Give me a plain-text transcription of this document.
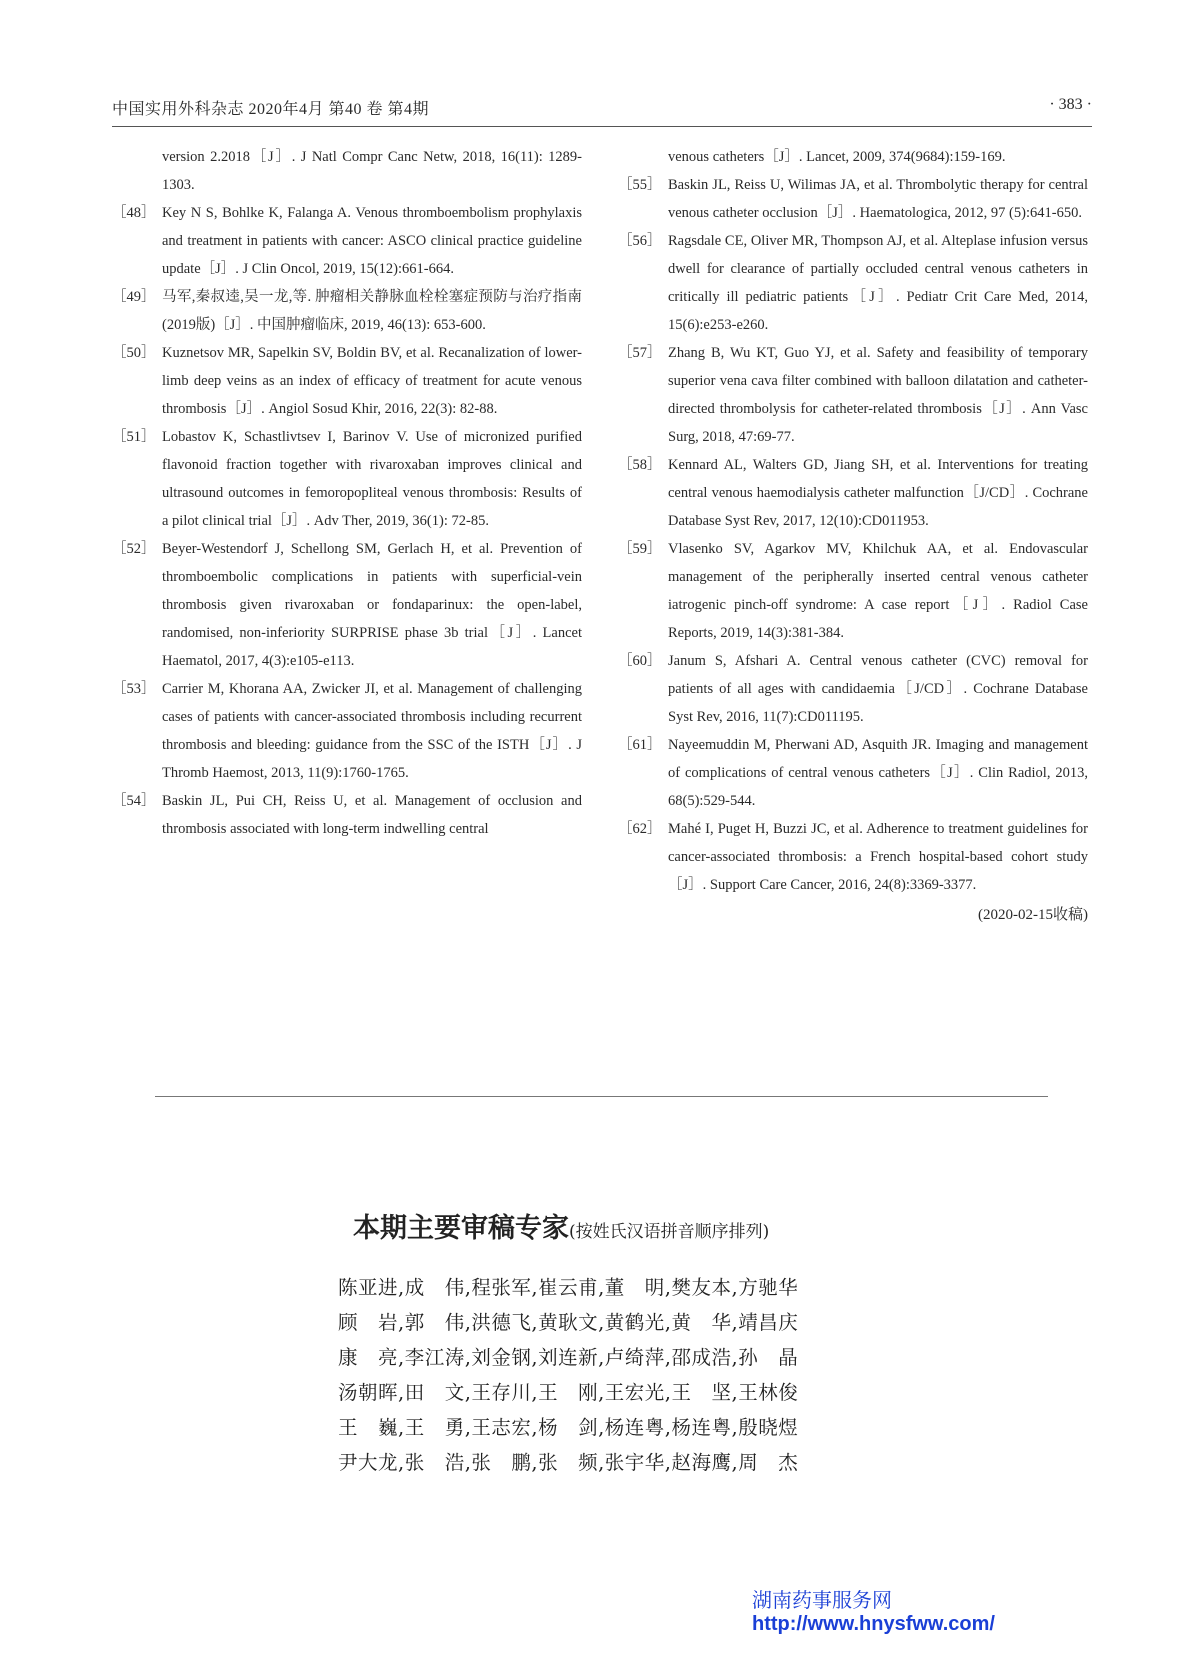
中国实用外科杂志 2020年4月 第40 卷 第4期	· 383 ·
version 2.2018［J］. J Natl Compr Canc Netw, 2018, 16(11): 1289-1303.
［48］ Key N S, Bohlke K, Falanga A. Venous thromboembolism prophylaxis and treatment in patients with cancer: ASCO clinical practice guideline update［J］. J Clin Oncol, 2019, 15(12):661-664.
［49］ 马军,秦叔逵,吴一龙,等. 肿瘤相关静脉血栓栓塞症预防与治疗指南(2019版)［J］. 中国肿瘤临床, 2019, 46(13): 653-600.
［50］ Kuznetsov MR, Sapelkin SV, Boldin BV, et al. Recanalization of lower-limb deep veins as an index of efficacy of treatment for acute venous thrombosis［J］. Angiol Sosud Khir, 2016, 22(3): 82-88.
［51］ Lobastov K, Schastlivtsev I, Barinov V. Use of micronized purified flavonoid fraction together with rivaroxaban improves clinical and ultrasound outcomes in femoropopliteal venous thrombosis: Results of a pilot clinical trial［J］. Adv Ther, 2019, 36(1): 72-85.
［52］ Beyer-Westendorf J, Schellong SM, Gerlach H, et al. Prevention of thromboembolic complications in patients with superficial-vein thrombosis given rivaroxaban or fondaparinux: the open-label, randomised, non-inferiority SURPRISE phase 3b trial［J］. Lancet Haematol, 2017, 4(3):e105-e113.
［53］ Carrier M, Khorana AA, Zwicker JI, et al. Management of challenging cases of patients with cancer-associated thrombosis including recurrent thrombosis and bleeding: guidance from the SSC of the ISTH［J］. J Thromb Haemost, 2013, 11(9):1760-1765.
［54］ Baskin JL, Pui CH, Reiss U, et al. Management of occlusion and thrombosis associated with long-term indwelling central
venous catheters［J］. Lancet, 2009, 374(9684):159-169.
［55］ Baskin JL, Reiss U, Wilimas JA, et al. Thrombolytic therapy for central venous catheter occlusion［J］. Haematologica, 2012, 97 (5):641-650.
［56］ Ragsdale CE, Oliver MR, Thompson AJ, et al. Alteplase infusion versus dwell for clearance of partially occluded central venous catheters in critically ill pediatric patients［J］. Pediatr Crit Care Med, 2014, 15(6):e253-e260.
［57］ Zhang B, Wu KT, Guo YJ, et al. Safety and feasibility of temporary superior vena cava filter combined with balloon dilatation and catheter-directed thrombolysis for catheter-related thrombosis［J］. Ann Vasc Surg, 2018, 47:69-77.
［58］ Kennard AL, Walters GD, Jiang SH, et al. Interventions for treating central venous haemodialysis catheter malfunction［J/CD］. Cochrane Database Syst Rev, 2017, 12(10):CD011953.
［59］ Vlasenko SV, Agarkov MV, Khilchuk AA, et al. Endovascular management of the peripherally inserted central venous catheter iatrogenic pinch-off syndrome: A case report［J］. Radiol Case Reports, 2019, 14(3):381-384.
［60］ Janum S, Afshari A. Central venous catheter (CVC) removal for patients of all ages with candidaemia［J/CD］. Cochrane Database Syst Rev, 2016, 11(7):CD011195.
［61］ Nayeemuddin M, Pherwani AD, Asquith JR. Imaging and management of complications of central venous catheters［J］. Clin Radiol, 2013, 68(5):529-544.
［62］ Mahé I, Puget H, Buzzi JC, et al. Adherence to treatment guidelines for cancer-associated thrombosis: a French hospital-based cohort study［J］. Support Care Cancer, 2016, 24(8):3369-3377.
(2020-02-15收稿)
本期主要审稿专家(按姓氏汉语拼音顺序排列)
陈亚进,成　伟,程张军,崔云甫,董　明,樊友本,方驰华
顾　岩,郭　伟,洪德飞,黄耿文,黄鹤光,黄　华,靖昌庆
康　亮,李江涛,刘金钢,刘连新,卢绮萍,邵成浩,孙　晶
汤朝晖,田　文,王存川,王　刚,王宏光,王　坚,王林俊
王　巍,王　勇,王志宏,杨　剑,杨连粤,杨连粤,殷晓煜
尹大龙,张　浩,张　鹏,张　频,张宇华,赵海鹰,周　杰
湖南药事服务网
http://www.hnysfww.com/
